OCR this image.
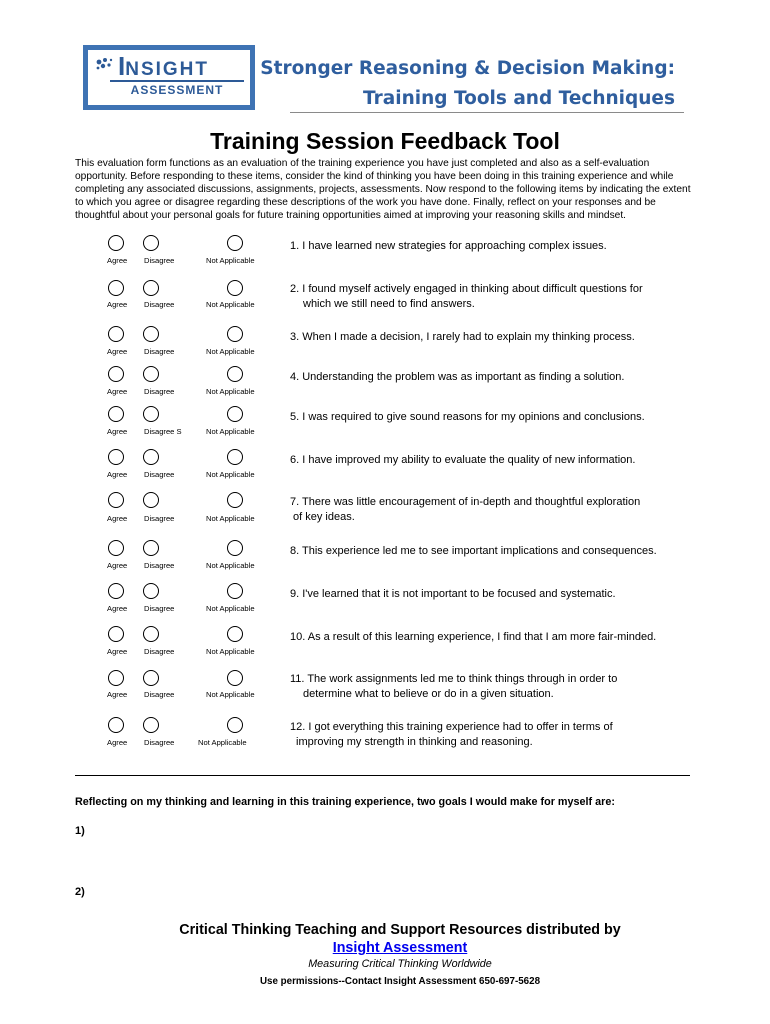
INSIGHT
ASSESSMENT
Stronger Reasoning & Decision Making:
Training Tools and Techniques
Training Session Feedback Tool
This evaluation form functions as an evaluation of the training experience you have just completed and also as a self-evaluation opportunity. Before responding to these items, consider the kind of thinking you have been doing in this training experience and while completing any associated discussions, assignments, projects, assessments. Now respond to the following items by indicating the extent to which you agree or disagree regarding these descriptions of the work you have done. Finally, reflect on your responses and be thoughtful about your personal goals for future training opportunities aimed at improving your reasoning skills and mindset.
Agree Disagree	Not Applicable
1. I have learned new strategies for approaching complex issues.
Agree Disagree	Not Applicable
2. I found myself actively engaged in thinking about difficult questions for
which we still need to find answers.
Agree Disagree	Not Applicable
3. When I made a decision, I rarely had to explain my thinking process.
Agree Disagree	Not Applicable
4. Understanding the problem was as important as finding a solution.
Agree Disagree S	Not Applicable
5. I was required to give sound reasons for my opinions and conclusions.
Agree Disagree	Not Applicable
6. I have improved my ability to evaluate the quality of new information.
Agree Disagree	Not Applicable
7. There was little encouragement of in-depth and thoughtful exploration
of key ideas.
Agree Disagree	Not Applicable
8. This experience led me to see important implications and consequences.
Agree Disagree	Not Applicable
9. I've learned that it is not important to be focused and systematic.
Agree Disagree	Not Applicable
10. As a result of this learning experience, I find that I am more fair-minded.
Agree Disagree	Not Applicable
11. The work assignments led me to think things through in order to
determine what to believe or do in a given situation.
Agree Disagree	Not Applicable
12. I got everything this training experience had to offer in terms of
improving my strength in thinking and reasoning.
Reflecting on my thinking and learning in this training experience, two goals I would make for myself are:
1)
2)
Critical Thinking Teaching and Support Resources distributed by
Insight Assessment
Measuring Critical Thinking Worldwide
Use permissions--Contact Insight Assessment 650-697-5628
